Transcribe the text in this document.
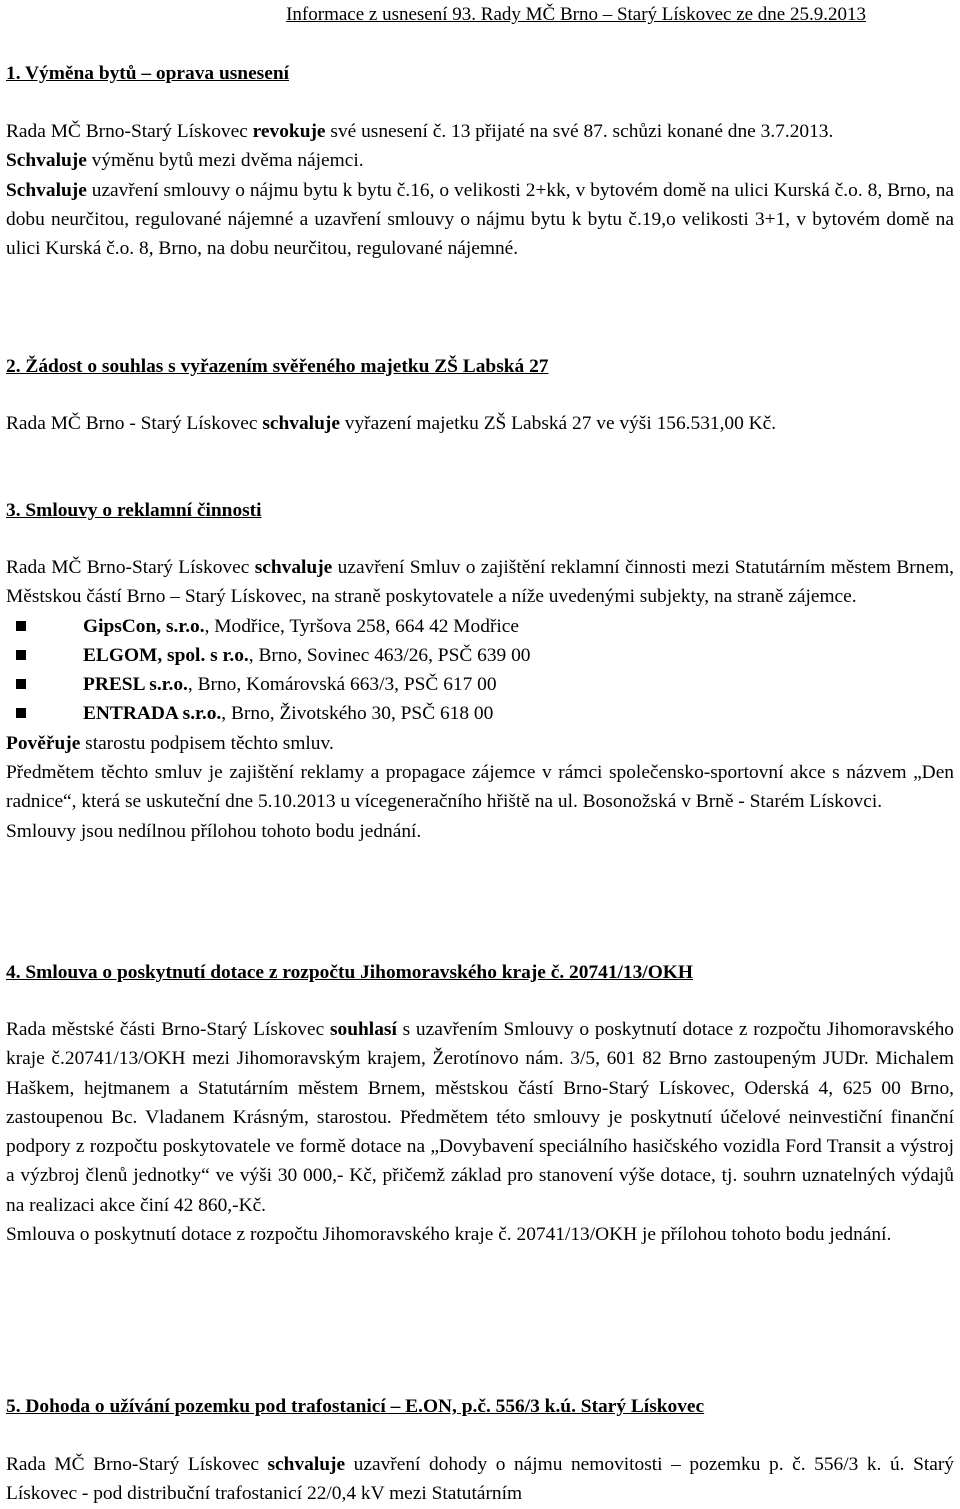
Informace z usnesení 93. Rady MČ Brno – Starý Lískovec ze dne 25.9.2013

1. Výměna bytů – oprava usnesení

Rada MČ Brno-Starý Lískovec revokuje své usnesení č. 13 přijaté na své 87. schůzi konané dne 3.7.2013.

Schvaluje výměnu bytů mezi dvěma nájemci.

Schvaluje uzavření smlouvy o nájmu bytu k bytu č.16, o velikosti 2+kk, v bytovém domě na ulici Kurská č.o. 8, Brno, na dobu neurčitou, regulované nájemné a uzavření smlouvy o nájmu bytu k bytu č.19,o velikosti 3+1, v bytovém domě na ulici Kurská č.o. 8, Brno, na dobu neurčitou, regulované nájemné.

2. Žádost o souhlas s vyřazením svěřeného majetku ZŠ Labská 27

Rada MČ Brno - Starý Lískovec schvaluje vyřazení majetku ZŠ Labská 27 ve výši 156.531,00 Kč.

3. Smlouvy o reklamní činnosti

Rada MČ Brno-Starý Lískovec schvaluje uzavření Smluv o zajištění reklamní činnosti mezi Statutárním městem Brnem, Městskou částí Brno – Starý Lískovec, na straně poskytovatele a níže uvedenými subjekty, na straně zájemce.

GipsCon, s.r.o., Modřice, Tyršova 258, 664 42 Modřice
ELGOM, spol. s r.o., Brno, Sovinec 463/26, PSČ 639 00
PRESL s.r.o., Brno, Komárovská 663/3, PSČ 617 00
ENTRADA s.r.o., Brno, Životského 30, PSČ 618 00

Pověřuje starostu podpisem těchto smluv.

Předmětem těchto smluv je zajištění reklamy a propagace zájemce v rámci společensko-sportovní akce s názvem „Den radnice“, která se uskuteční dne 5.10.2013 u vícegeneračního hřiště na ul. Bosonožská v Brně - Starém Lískovci.

Smlouvy jsou nedílnou přílohou tohoto bodu jednání.

4. Smlouva o poskytnutí dotace z rozpočtu Jihomoravského kraje č. 20741/13/OKH

Rada městské části Brno-Starý Lískovec souhlasí s uzavřením Smlouvy o poskytnutí dotace z rozpočtu Jihomoravského kraje č.20741/13/OKH mezi Jihomoravským krajem, Žerotínovo nám. 3/5, 601 82 Brno zastoupeným JUDr. Michalem Haškem, hejtmanem a Statutárním městem Brnem, městskou částí Brno-Starý Lískovec, Oderská 4, 625 00 Brno, zastoupenou Bc. Vladanem Krásným, starostou. Předmětem této smlouvy je poskytnutí účelové neinvestiční finanční podpory z rozpočtu poskytovatele ve formě dotace na „Dovybavení speciálního hasičského vozidla Ford Transit a výstroj a výzbroj členů jednotky“ ve výši 30 000,- Kč, přičemž základ pro stanovení výše dotace, tj. souhrn uznatelných výdajů na realizaci akce činí 42 860,-Kč.

Smlouva o poskytnutí dotace z rozpočtu Jihomoravského kraje č. 20741/13/OKH je přílohou tohoto bodu jednání.

5. Dohoda o užívání pozemku pod trafostanicí – E.ON, p.č. 556/3 k.ú. Starý Lískovec

Rada MČ Brno-Starý Lískovec schvaluje uzavření dohody o nájmu nemovitosti – pozemku p. č. 556/3 k. ú. Starý Lískovec - pod distribuční trafostanicí 22/0,4 kV mezi Statutárním
